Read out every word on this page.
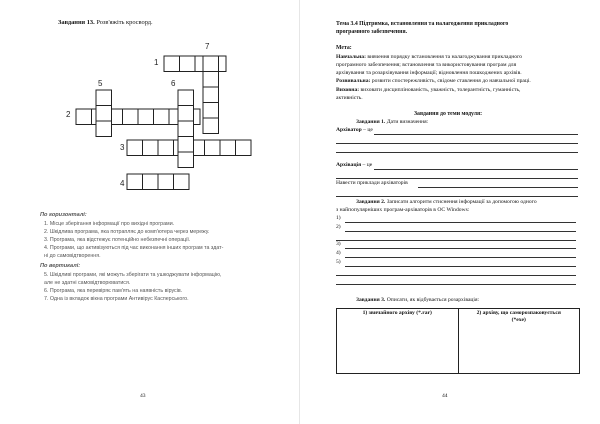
Завдання 13. Розв'яжіть кросворд.
7
1
5	6
2
3
4
По горизонталі:
1. Місце зберігання інформації про вихідні програми.
2. Шкідлива програма, яка потрапляє до комп'ютера через мережу.
3. Програма, яка відстежує потенційно небезпечні операції.
4. Програми, що активізуються під час виконання інших програм та здат-
ні до самовідтворення.
По вертикалі:
5. Шкідливі програми, які можуть зберігати та ушкоджувати інформацію,
але не здатні самовідтворюватися.
6. Програма, яка перевіряє пам'ять на наявність вірусів.
7. Одна із вкладок вікна програми Антивірус Касперського.
43
Тема 3.4 Підтримка, встановлення та налагодження прикладного
програмного забезпечення.
Мета:
Навчальна: вивчення порядку встановлення та налагоджування прикладного
програмного забезпечення; встановлення та використовування програм для
архівування та розархівування інформації; відновлення пошкоджених архівів.
Розвивальна: розвити спостережливість, свідоме ставлення до навчальної праці.
Виховна: виховати дисциплінованість, уважність, толерантність, гуманність,
активність.
Завдання до теми модуля:
Завдання 1. Дати визначення:
Архіватор – це
Архівація – це
Навести приклади архіваторів
Завдання 2. Записати алгоритм стиснення інформації за допомогою одного
з найпопулярніших програм-архіваторів в ОС Windows:
1)
2)
3)
4)
5)
Завдання 3. Описати, як відбувається розархівація:
1) звичайного архіву (*.rar)	2) архіву, що саморозпаковується
(*exe)
44
